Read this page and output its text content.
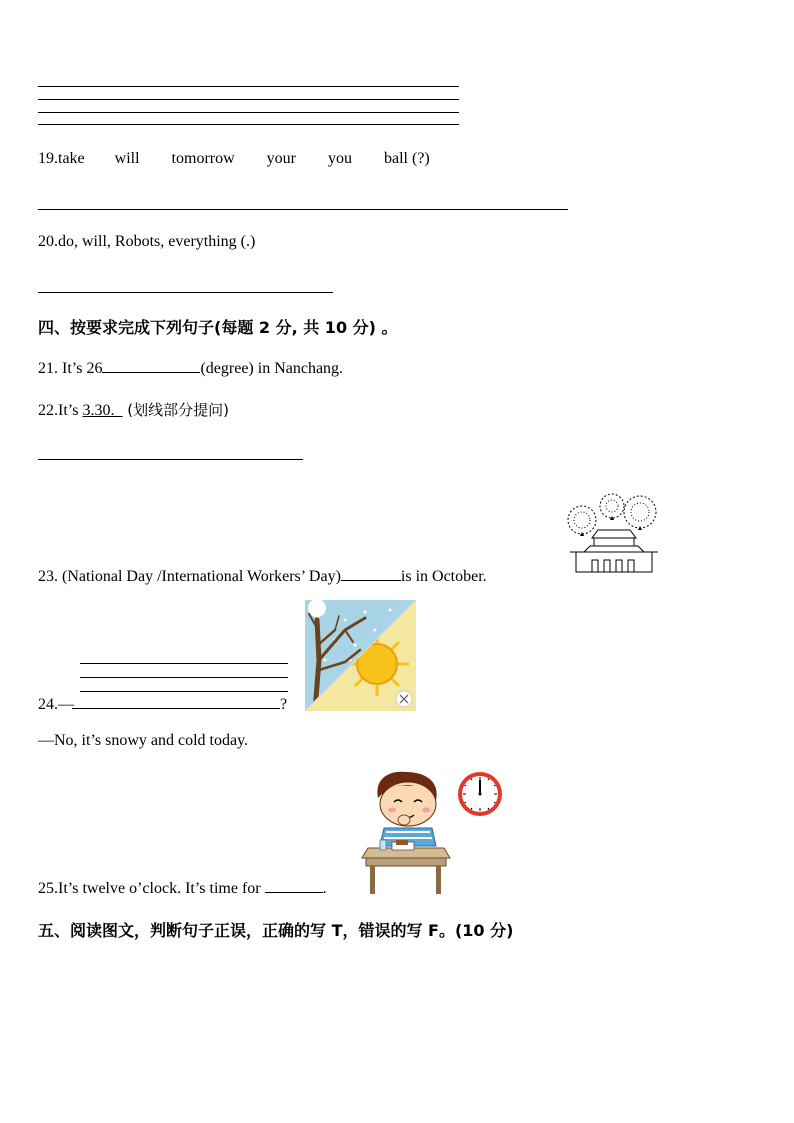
19.take will tomorrow your you ball (?)
20.do, will, Robots, everything (.)
四、按要求完成下列句子(每题 2 分, 共 10 分) 。
21. It’s 26	(degree) in Nanchang.
22.It’s 3.30._ (划线部分提问)
23. (National Day /International Workers’ Day)	is in October.
24.—	?
—No, it’s snowy and cold today.
25.It’s twelve o’clock. It’s time for	.
五、阅读图文，判断句子正误，正确的写 T，错误的写 F。(10 分)
